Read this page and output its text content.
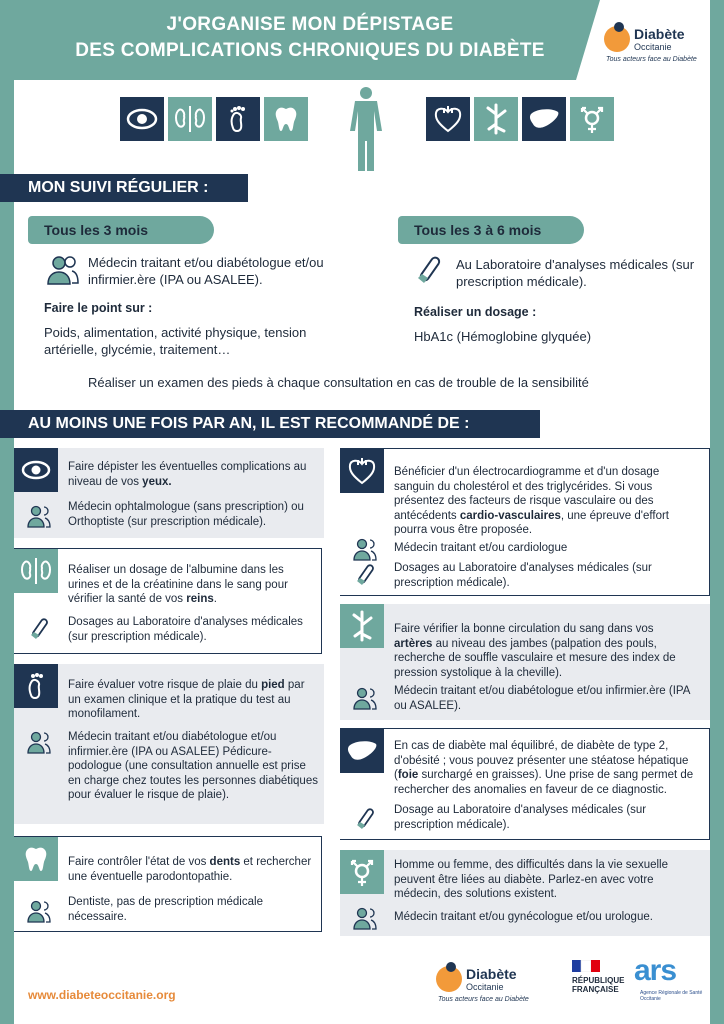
J'ORGANISE MON DÉPISTAGE
DES COMPLICATIONS CHRONIQUES DU DIABÈTE
Diabète
Occitanie
Tous acteurs face au Diabète
MON SUIVI RÉGULIER :
Tous les 3 mois
Médecin traitant et/ou diabétologue et/ou infirmier.ère (IPA ou ASALEE).
Faire le point sur :
Poids, alimentation, activité physique, tension artérielle, glycémie, traitement…
Tous les 3 à 6 mois
Au Laboratoire d'analyses médicales (sur prescription médicale).
Réaliser un dosage :
HbA1c (Hémoglobine glyquée)
Réaliser un examen des pieds à chaque consultation en cas de trouble de la sensibilité
AU MOINS UNE FOIS PAR AN, IL EST RECOMMANDÉ DE :
Faire dépister les éventuelles complications au niveau de vos yeux.
Médecin ophtalmologue (sans prescription) ou Orthoptiste (sur prescription médicale).
Réaliser un dosage de l'albumine dans les urines et de la créatinine dans le sang pour vérifier la santé de vos reins.
Dosages au Laboratoire d'analyses médicales (sur prescription médicale).
Faire évaluer votre risque de plaie du pied par un examen clinique et la pratique du test au monofilament.
Médecin traitant et/ou diabétologue et/ou infirmier.ère (IPA ou ASALEE) Pédicure-podologue (une consultation annuelle est prise en charge chez toutes les personnes diabétiques pour évaluer le risque de plaie).
Faire contrôler l'état de vos dents et rechercher une éventuelle parodontopathie.
Dentiste, pas de prescription médicale nécessaire.
Bénéficier d'un électrocardiogramme et d'un dosage sanguin du cholestérol et des triglycérides. Si vous présentez des facteurs de risque vasculaire ou des antécédents cardio-vasculaires, une épreuve d'effort pourra vous être proposée.
Médecin traitant et/ou cardiologue
Dosages au Laboratoire d'analyses médicales (sur prescription médicale).
Faire vérifier la bonne circulation du sang dans vos artères au niveau des jambes (palpation des pouls, recherche de souffle vasculaire et mesure des index de pression systolique à la cheville).
Médecin traitant et/ou diabétologue et/ou infirmier.ère (IPA ou ASALEE).
En cas de diabète mal équilibré, de diabète de type 2, d'obésité ; vous pouvez présenter une stéatose hépatique (foie surchargé en graisses). Une prise de sang permet de rechercher des anomalies en faveur de ce diagnostic.
Dosage au Laboratoire d'analyses médicales (sur prescription médicale).
Homme ou femme, des difficultés dans la vie sexuelle peuvent être liées au diabète. Parlez-en avec votre médecin, des solutions existent.
Médecin traitant et/ou gynécologue et/ou urologue.
www.diabeteoccitanie.org
Diabète
Occitanie
Tous acteurs face au Diabète
RÉPUBLIQUE
FRANÇAISE
ars
Agence Régionale de Santé Occitanie
